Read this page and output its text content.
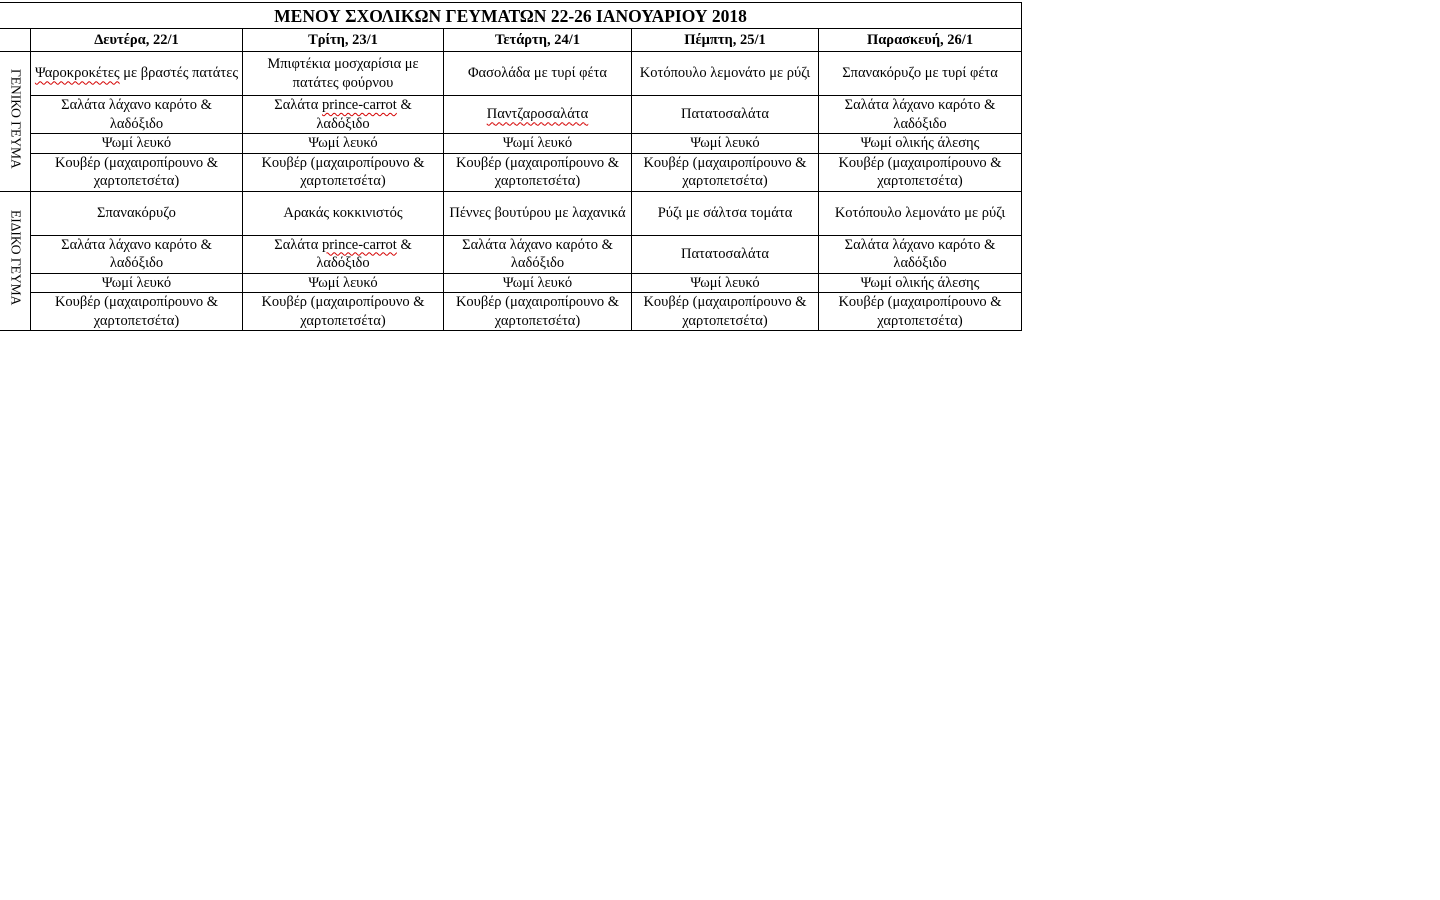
ΜΕΝΟΥ ΣΧΟΛΙΚΩΝ ΓΕΥΜΑΤΩΝ 22-26 ΙΑΝΟΥΑΡΙΟΥ 2018					
	Δευτέρα, 22/1	Τρίτη, 23/1	Τετάρτη, 24/1	Πέμπτη, 25/1	Παρασκευή, 26/1
ΓΕΝΙΚΟ ΓΕΥΜΑ	Ψαροκροκέτες με βραστές πατάτες	Μπιφτέκια μοσχαρίσια με πατάτες φούρνου	Φασολάδα με τυρί φέτα	Κοτόπουλο λεμονάτο με ρύζι	Σπανακόρυζο με τυρί φέτα
	Σαλάτα λάχανο καρότο & λαδόξιδο	Σαλάτα prince-carrot & λαδόξιδο	Παντζαροσαλάτα	Πατατοσαλάτα	Σαλάτα λάχανο καρότο & λαδόξιδο
	Ψωμί λευκό	Ψωμί λευκό	Ψωμί λευκό	Ψωμί λευκό	Ψωμί ολικής άλεσης
	Κουβέρ (μαχαιροπίρουνο & χαρτοπετσέτα)	Κουβέρ (μαχαιροπίρουνο & χαρτοπετσέτα)	Κουβέρ (μαχαιροπίρουνο & χαρτοπετσέτα)	Κουβέρ (μαχαιροπίρουνο & χαρτοπετσέτα)	Κουβέρ (μαχαιροπίρουνο & χαρτοπετσέτα)
ΕΙΔΙΚΟ ΓΕΥΜΑ	Σπανακόρυζο	Αρακάς κοκκινιστός	Πέννες βουτύρου με λαχανικά	Ρύζι με σάλτσα τομάτα	Κοτόπουλο λεμονάτο με ρύζι
	Σαλάτα λάχανο καρότο & λαδόξιδο	Σαλάτα prince-carrot & λαδόξιδο	Σαλάτα λάχανο καρότο & λαδόξιδο	Πατατοσαλάτα	Σαλάτα λάχανο καρότο & λαδόξιδο
	Ψωμί λευκό	Ψωμί λευκό	Ψωμί λευκό	Ψωμί λευκό	Ψωμί ολικής άλεσης
	Κουβέρ (μαχαιροπίρουνο & χαρτοπετσέτα)	Κουβέρ (μαχαιροπίρουνο & χαρτοπετσέτα)	Κουβέρ (μαχαιροπίρουνο & χαρτοπετσέτα)	Κουβέρ (μαχαιροπίρουνο & χαρτοπετσέτα)	Κουβέρ (μαχαιροπίρουνο & χαρτοπετσέτα)
